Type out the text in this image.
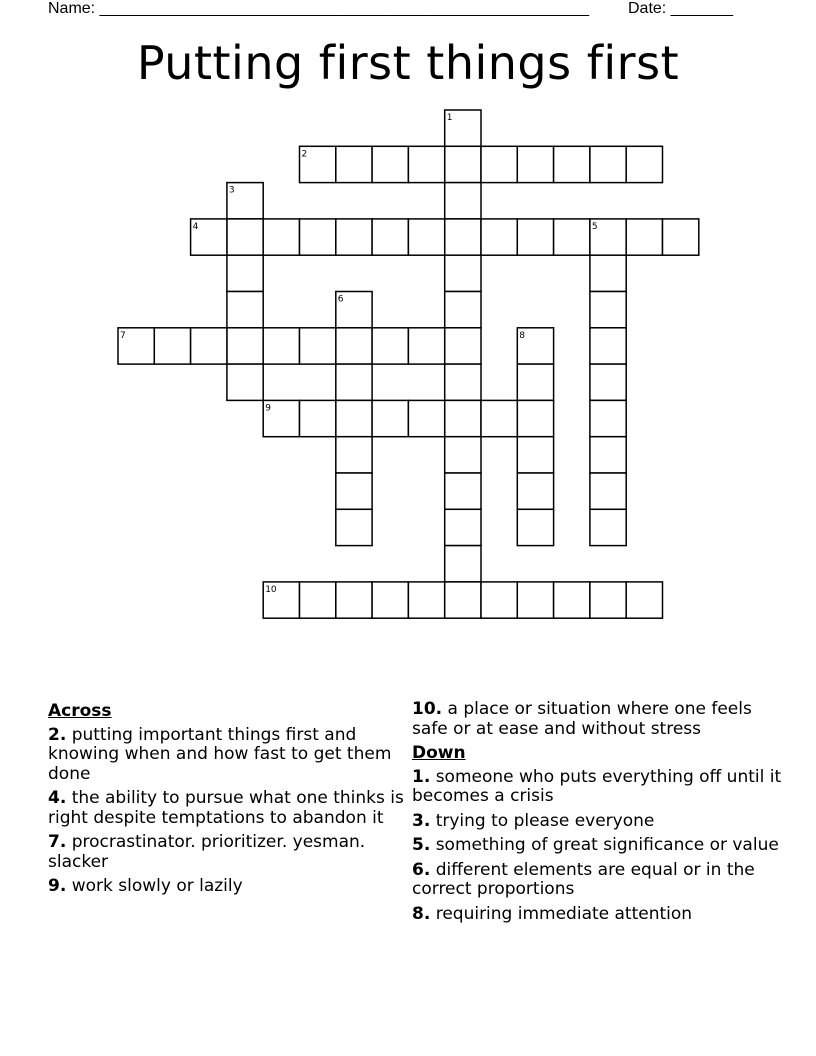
Name: _______________________________________________________ Date: _______
Putting first things first
1
2
3
4	5
6
7	8
9
10
Across
2. putting important things first and knowing when and how fast to get them done
4. the ability to pursue what one thinks is right despite temptations to abandon it
7. procrastinator. prioritizer. yesman. slacker
9. work slowly or lazily
10. a place or situation where one feels safe or at ease and without stress
Down
1. someone who puts everything off until it becomes a crisis
3. trying to please everyone
5. something of great significance or value
6. different elements are equal or in the correct proportions
8. requiring immediate attention
